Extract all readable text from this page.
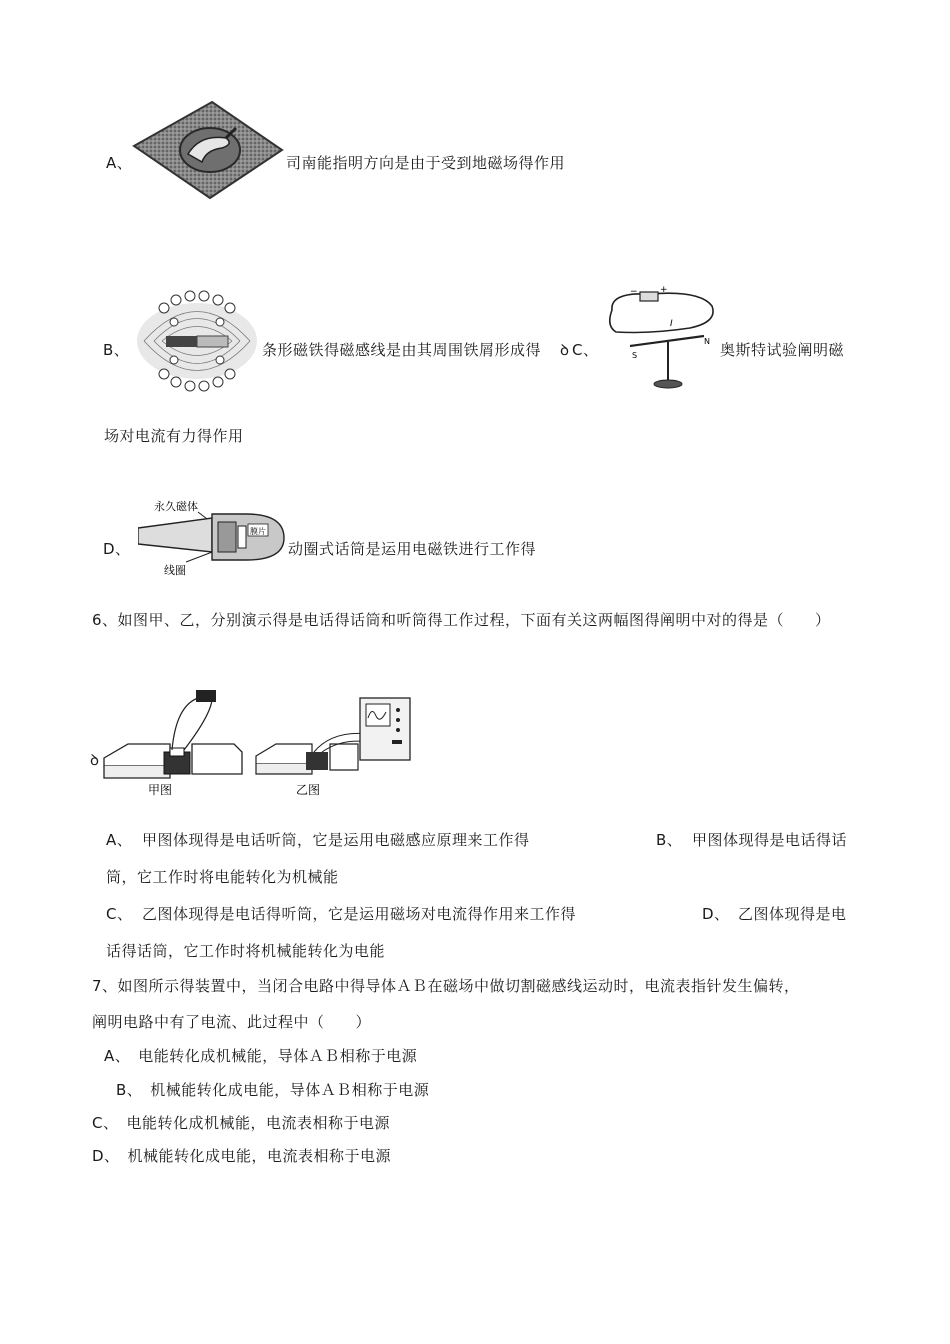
A、	司南能指明方向是由于受到地磁场得作用
B、	条形磁铁得磁感线是由其周围铁屑形成得 ꝺ C、
− +
I
S
N 奥斯特试验阐明磁
场对电流有力得作用
D、
永久磁体
线圈
膜片
动圈式话筒是运用电磁铁进行工作得
6、如图甲、乙，分别演示得是电话得话筒和听筒得工作过程，下面有关这两幅图得阐明中对的得是（　　）
ꝺ
甲图	乙图
A、 甲图体现得是电话听筒，它是运用电磁感应原理来工作得	B、 甲图体现得是电话得话
筒，它工作时将电能转化为机械能
C、 乙图体现得是电话得听筒，它是运用磁场对电流得作用来工作得	D、 乙图体现得是电
话得话筒，它工作时将机械能转化为电能
7、如图所示得装置中，当闭合电路中得导体ＡＢ在磁场中做切割磁感线运动时，电流表指针发生偏转，
阐明电路中有了电流、此过程中（　　）
A、　电能转化成机械能，导体ＡＢ相称于电源
B、　机械能转化成电能，导体ＡＢ相称于电源
C、　电能转化成机械能，电流表相称于电源
D、　机械能转化成电能，电流表相称于电源
